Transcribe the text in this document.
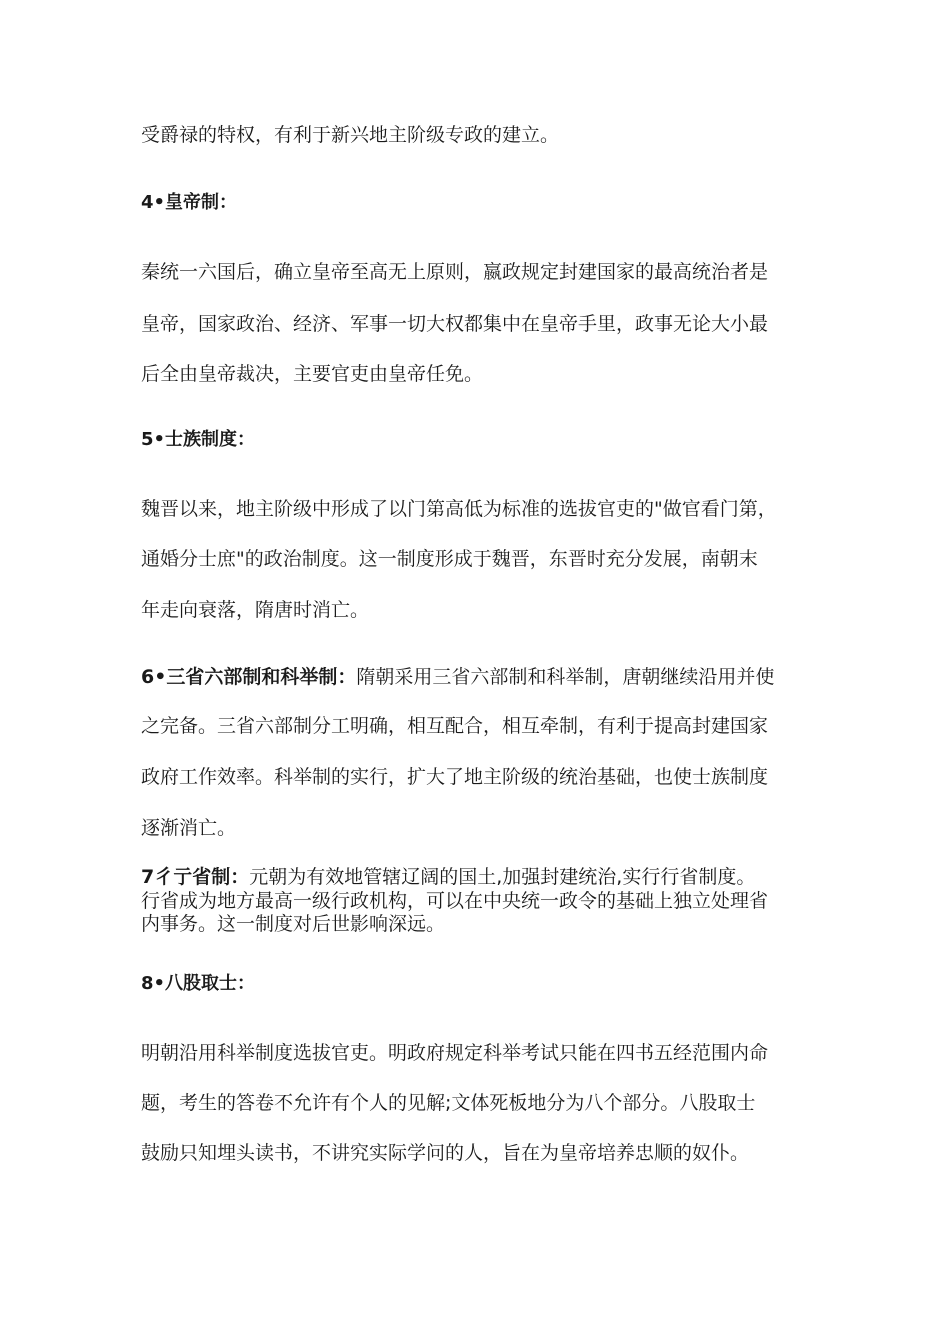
受爵禄的特权，有利于新兴地主阶级专政的建立。
4•皇帝制：
秦统一六国后，确立皇帝至高无上原则，嬴政规定封建国家的最高统治者是
皇帝，国家政治、经济、军事一切大权都集中在皇帝手里，政事无论大小最
后全由皇帝裁决，主要官吏由皇帝任免。
5•士族制度：
魏晋以来，地主阶级中形成了以门第高低为标准的选拔官吏的"做官看门第，
通婚分士庶"的政治制度。这一制度形成于魏晋，东晋时充分发展，南朝末
年走向衰落，隋唐时消亡。
6•三省六部制和科举制：隋朝采用三省六部制和科举制，唐朝继续沿用并使
之完备。三省六部制分工明确，相互配合，相互牵制，有利于提高封建国家
政府工作效率。科举制的实行，扩大了地主阶级的统治基础，也使士族制度
逐渐消亡。
7彳亍省制：元朝为有效地管辖辽阔的国土,加强封建统治,实行行省制度。
行省成为地方最高一级行政机构，可以在中央统一政令的基础上独立处理省
内事务。这一制度对后世影响深远。
8•八股取士：
明朝沿用科举制度选拔官吏。明政府规定科举考试只能在四书五经范围内命
题，考生的答卷不允许有个人的见解;文体死板地分为八个部分。八股取士
鼓励只知埋头读书，不讲究实际学问的人，旨在为皇帝培养忠顺的奴仆。
